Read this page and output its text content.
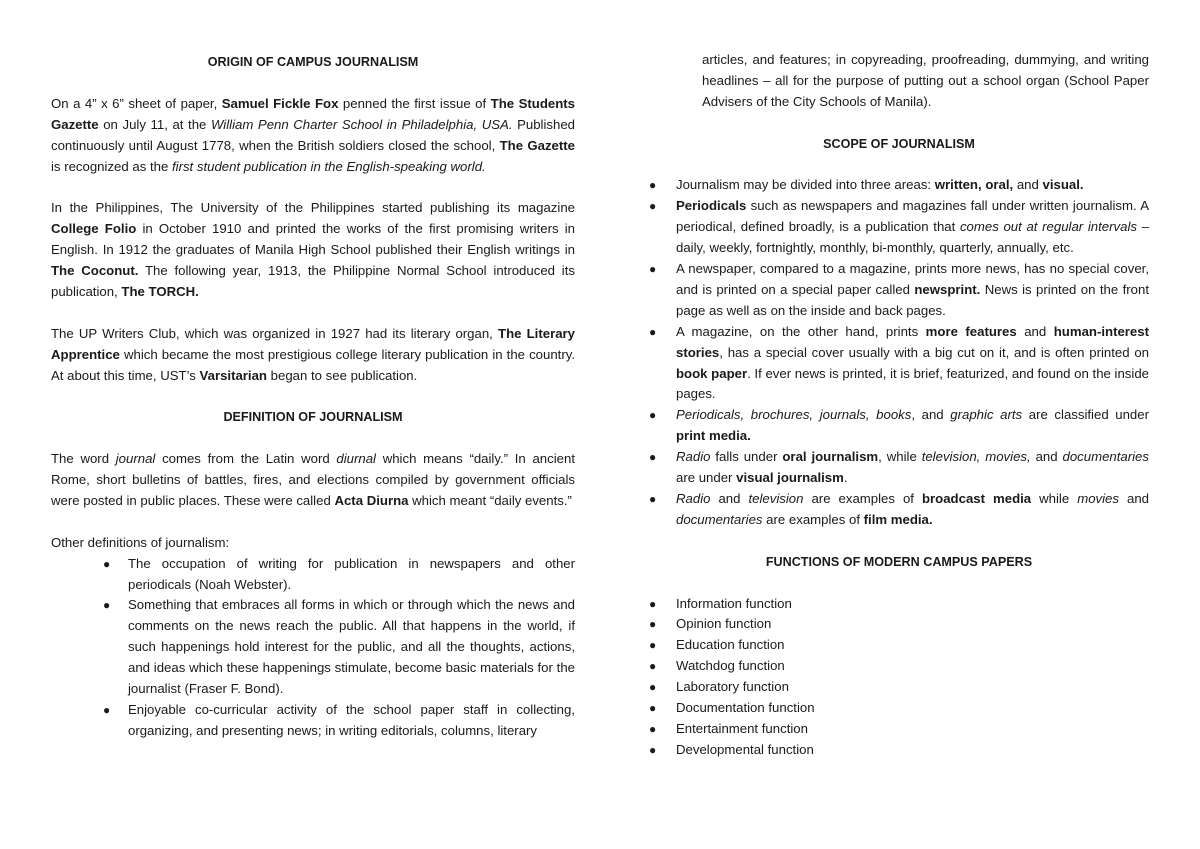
ORIGIN OF CAMPUS JOURNALISM

On a 4” x 6” sheet of paper, Samuel Fickle Fox penned the first issue of The Students Gazette on July 11, at the William Penn Charter School in Philadelphia, USA. Published continuously until August 1778, when the British soldiers closed the school, The Gazette is recognized as the first student publication in the English-speaking world.

In the Philippines, The University of the Philippines started publishing its magazine College Folio in October 1910 and printed the works of the first promising writers in English. In 1912 the graduates of Manila High School published their English writings in The Coconut. The following year, 1913, the Philippine Normal School introduced its publication, The TORCH.

The UP Writers Club, which was organized in 1927 had its literary organ, The Literary Apprentice which became the most prestigious college literary publication in the country. At about this time, UST’s Varsitarian began to see publication.

DEFINITION OF JOURNALISM

The word journal comes from the Latin word diurnal which means “daily.” In ancient Rome, short bulletins of battles, fires, and elections compiled by government officials were posted in public places. These were called Acta Diurna which meant “daily events.”

Other definitions of journalism:
● The occupation of writing for publication in newspapers and other periodicals (Noah Webster).
● Something that embraces all forms in which or through which the news and comments on the news reach the public. All that happens in the world, if such happenings hold interest for the public, and all the thoughts, actions, and ideas which these happenings stimulate, become basic materials for the journalist (Fraser F. Bond).
● Enjoyable co-curricular activity of the school paper staff in collecting, organizing, and presenting news; in writing editorials, columns, literary
articles, and features; in copyreading, proofreading, dummying, and writing headlines – all for the purpose of putting out a school organ (School Paper Advisers of the City Schools of Manila).
SCOPE OF JOURNALISM
● Journalism may be divided into three areas: written, oral, and visual.
● Periodicals such as newspapers and magazines fall under written journalism. A periodical, defined broadly, is a publication that comes out at regular intervals – daily, weekly, fortnightly, monthly, bi-monthly, quarterly, annually, etc.
● A newspaper, compared to a magazine, prints more news, has no special cover, and is printed on a special paper called newsprint. News is printed on the front page as well as on the inside and back pages.
● A magazine, on the other hand, prints more features and human-interest stories, has a special cover usually with a big cut on it, and is often printed on book paper. If ever news is printed, it is brief, featurized, and found on the inside pages.
● Periodicals, brochures, journals, books, and graphic arts are classified under print media.
● Radio falls under oral journalism, while television, movies, and documentaries are under visual journalism.
● Radio and television are examples of broadcast media while movies and documentaries are examples of film media.
FUNCTIONS OF MODERN CAMPUS PAPERS
● Information function
● Opinion function
● Education function
● Watchdog function
● Laboratory function
● Documentation function
● Entertainment function
● Developmental function
